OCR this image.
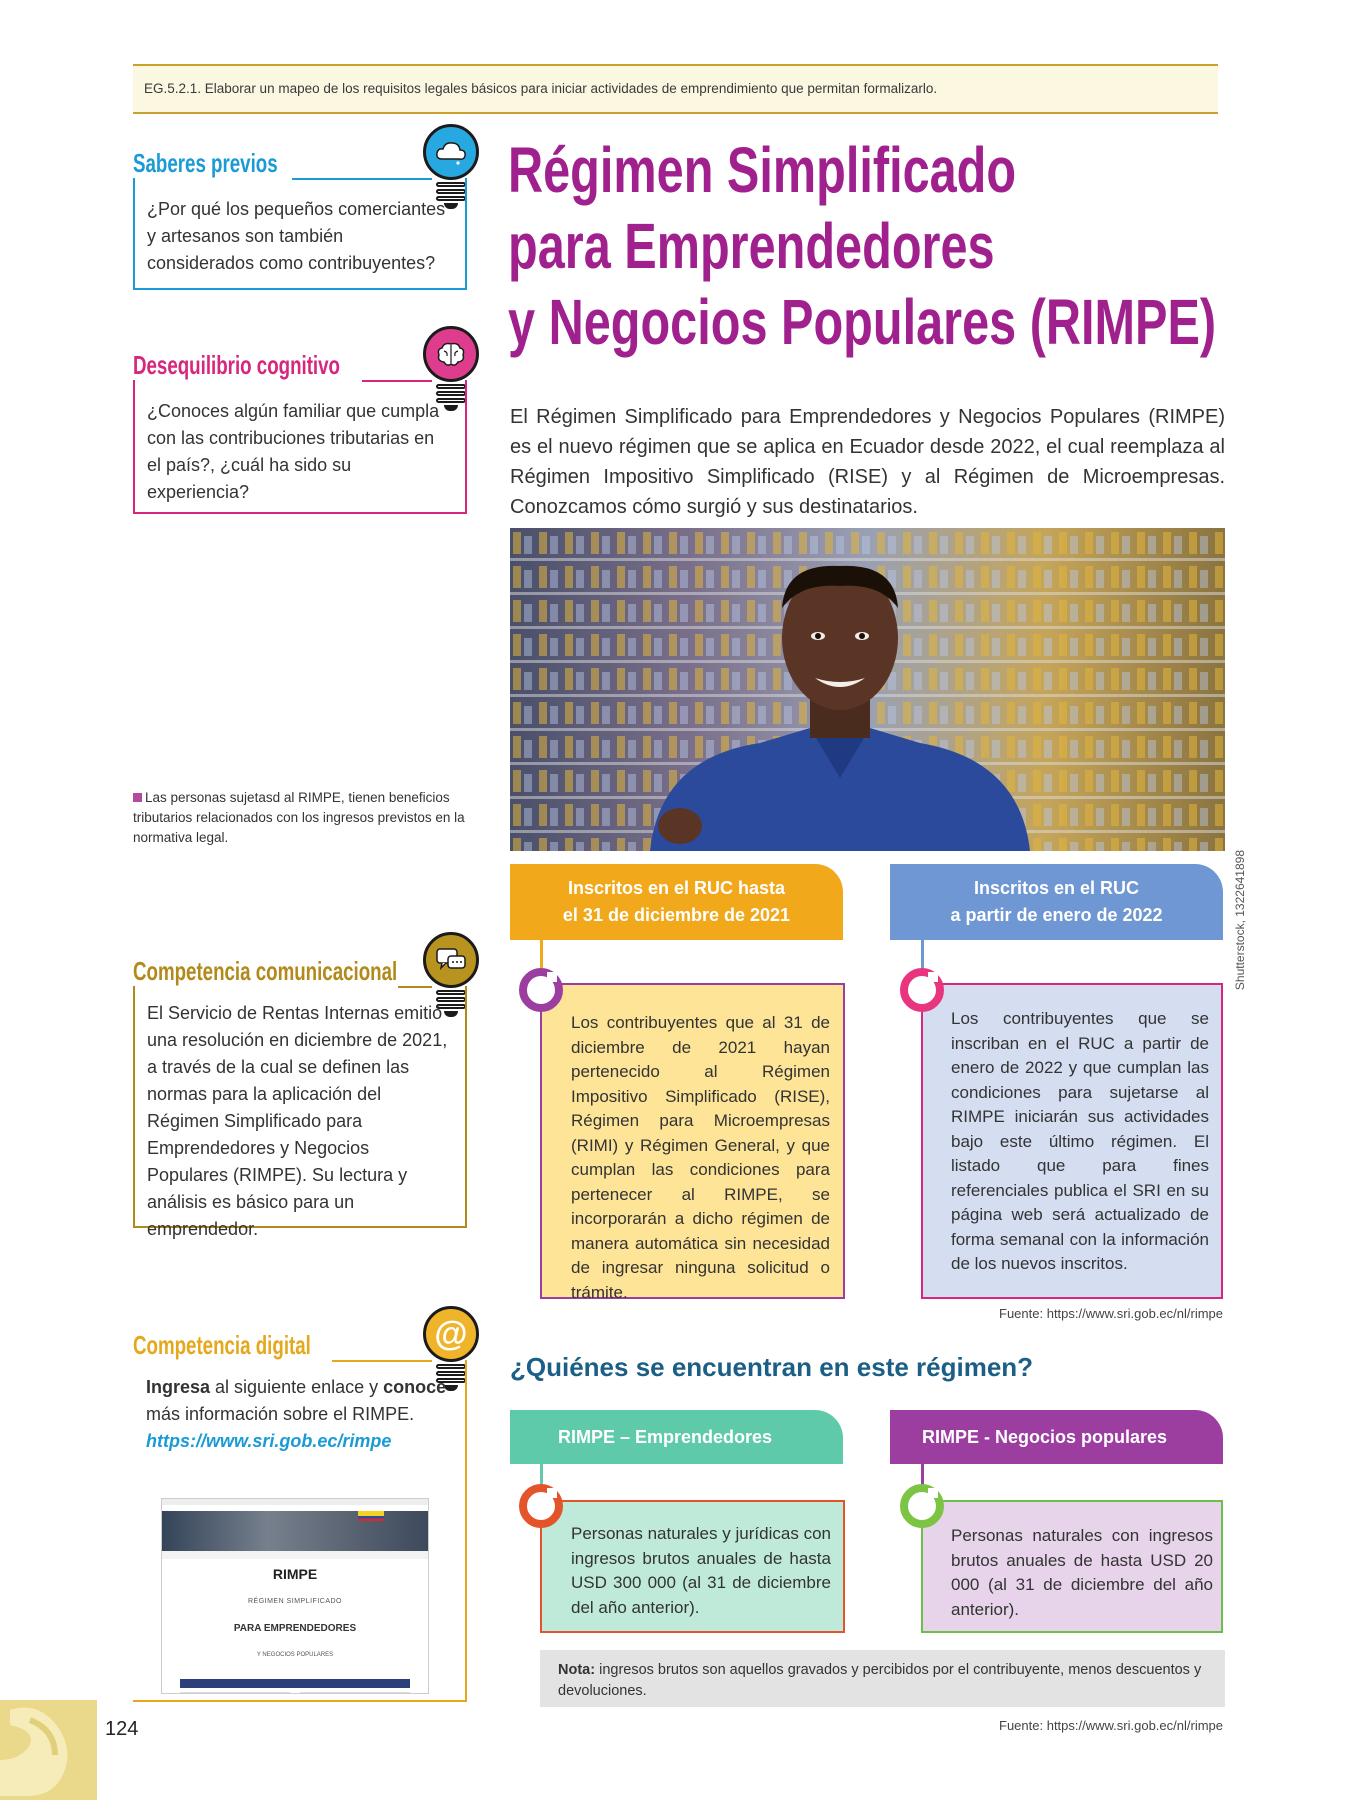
EG.5.2.1. Elaborar un mapeo de los requisitos legales básicos para iniciar actividades de emprendimiento que permitan formalizarlo.
Saberes previos
¿Por qué los pequeños comerciantes y artesanos son también considerados como contribuyentes?
Desequilibrio cognitivo
¿Conoces algún familiar que cumpla con las contribuciones tributarias en el país?, ¿cuál ha sido su experiencia?
Las personas sujetasd al RIMPE, tienen beneficios tributarios relacionados con los ingresos previstos en la normativa legal.
Competencia comunicacional
El Servicio de Rentas Internas emitió una resolución en diciembre de 2021, a través de la cual se definen las normas para la aplicación del Régimen Simplificado para Emprendedores y Negocios Populares (RIMPE). Su lectura y análisis es básico para un emprendedor.
Competencia digital	@
Ingresa al siguiente enlace y conoce más información sobre el RIMPE.
https://www.sri.gob.ec/rimpe
RIMPE
RÉGIMEN SIMPLIFICADO
PARA EMPRENDEDORES
Y NEGOCIOS POPULARES
124
Régimen Simplificado
para Emprendedores
y Negocios Populares (RIMPE)
El Régimen Simplificado para Emprendedores y Negocios Populares (RIMPE) es el nuevo régimen que se aplica en Ecuador desde 2022, el cual reemplaza al Régimen Impositivo Simplificado (RISE) y al Régimen de Microempresas. Conozcamos cómo surgió y sus destinatarios.
Shutterstock, 1322641898
Inscritos en el RUC hasta
el 31 de diciembre de 2021
Inscritos en el RUC
a partir de enero de 2022
Los contribuyentes que al 31 de diciembre de 2021 hayan pertenecido al Régimen Impositivo Simplificado (RISE), Régimen para Microempresas (RIMI) y Régimen General, y que cumplan las condiciones para pertenecer al RIMPE, se incorporarán a dicho régimen de manera automática sin necesidad de ingresar ninguna solicitud o trámite.
Los contribuyentes que se inscriban en el RUC a partir de enero de 2022 y que cumplan las condiciones para sujetarse al RIMPE iniciarán sus actividades bajo este último régimen. El listado que para fines referenciales publica el SRI en su página web será actualizado de forma semanal con la información de los nuevos inscritos.
Fuente: https://www.sri.gob.ec/nl/rimpe
¿Quiénes se encuentran en este régimen?
RIMPE – Emprendedores	RIMPE - Negocios populares
Personas naturales y jurídicas con ingresos brutos anuales de hasta USD 300 000 (al 31 de diciembre del año anterior).
Personas naturales con ingresos brutos anuales de hasta USD 20 000 (al 31 de diciembre del año anterior).
Nota: ingresos brutos son aquellos gravados y percibidos por el contribuyente, menos descuentos y devoluciones.
Fuente: https://www.sri.gob.ec/nl/rimpe
